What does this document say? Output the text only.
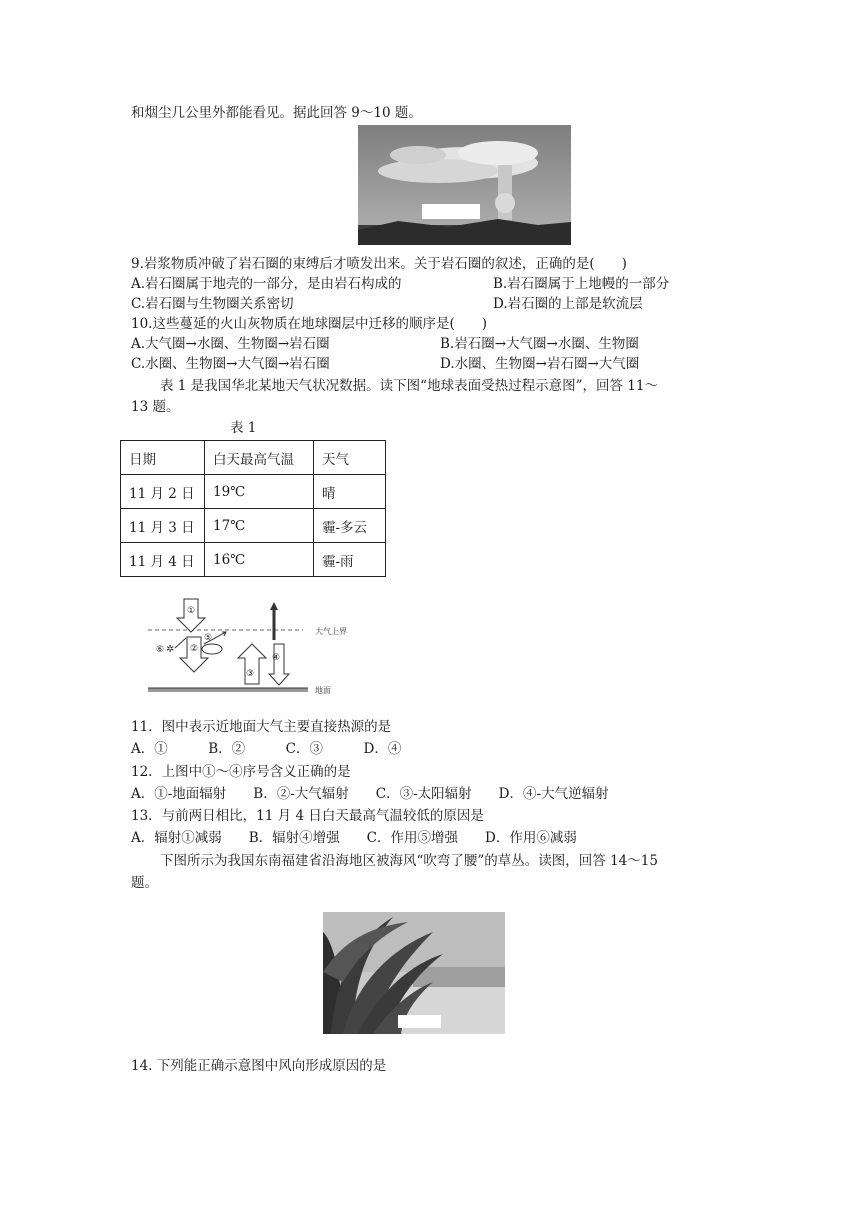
和烟尘几公里外都能看见。据此回答 9～10 题。
9.岩浆物质冲破了岩石圈的束缚后才喷发出来。关于岩石圈的叙述，正确的是(　　)
A.岩石圈属于地壳的一部分，是由岩石构成的	B.岩石圈属于上地幔的一部分
C.岩石圈与生物圈关系密切	D.岩石圈的上部是软流层
10.这些蔓延的火山灰物质在地球圈层中迁移的顺序是(　　)
A.大气圈→水圈、生物圈→岩石圈	B.岩石圈→大气圈→水圈、生物圈
C.水圈、生物圈→大气圈→岩石圈	D.水圈、生物圈→岩石圈→大气圈
表 1 是我国华北某地天气状况数据。读下图“地球表面受热过程示意图”，回答 11～
13 题。
表 1
日期	白天最高气温	天气
11 月 2 日	19℃	晴
11 月 3 日	17℃	霾-多云
11 月 4 日	16℃	霾-雨
大气上界
地面
①
②
⑤
⑥ ✲
③
④
11．图中表示近地面大气主要直接热源的是
A．①　　　B．②　　　C．③　　　D．④
12．上图中①～④序号含义正确的是
A．①-地面辐射　　B．②-大气辐射　　C．③-太阳辐射　　D．④-大气逆辐射
13．与前两日相比，11 月 4 日白天最高气温较低的原因是
A．辐射①减弱　　B．辐射④增强　　C．作用⑤增强　　D．作用⑥减弱
下图所示为我国东南福建省沿海地区被海风“吹弯了腰”的草丛。读图，回答 14～15
题。
14. 下列能正确示意图中风向形成原因的是
